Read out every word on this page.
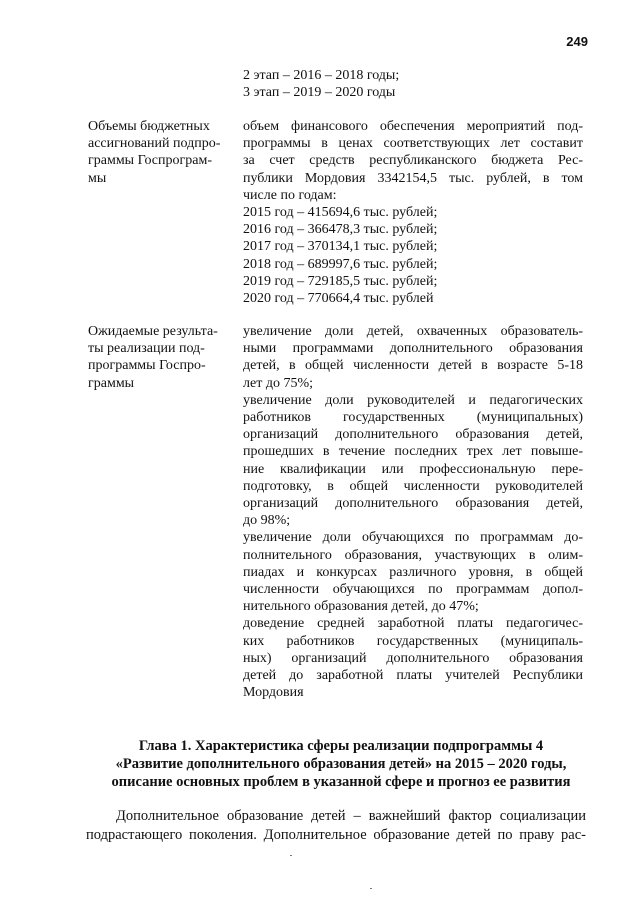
249
2 этап – 2016 – 2018 годы;
3 этап – 2019 – 2020 годы
Объемы бюджетных
ассигнований подпро-
граммы Госпрограм-
мы
объем финансового обеспечения мероприятий под-
программы в ценах соответствующих лет составит
за счет средств республиканского бюджета Рес-
публики Мордовия 3342154,5 тыс. рублей, в том
числе по годам:
2015 год – 415694,6 тыс. рублей;
2016 год – 366478,3 тыс. рублей;
2017 год – 370134,1 тыс. рублей;
2018 год – 689997,6 тыс. рублей;
2019 год – 729185,5 тыс. рублей;
2020 год – 770664,4 тыс. рублей
Ожидаемые результа-
ты реализации под-
программы Госпро-
граммы
увеличение доли детей, охваченных образователь-
ными программами дополнительного образования
детей, в общей численности детей в возрасте 5-18
лет до 75%;
увеличение доли руководителей и педагогических
работников государственных (муниципальных)
организаций дополнительного образования детей,
прошедших в течение последних трех лет повыше-
ние квалификации или профессиональную пере-
подготовку, в общей численности руководителей
организаций дополнительного образования детей,
до 98%;
увеличение доли обучающихся по программам до-
полнительного образования, участвующих в олим-
пиадах и конкурсах различного уровня, в общей
численности обучающихся по программам допол-
нительного образования детей, до 47%;
доведение средней заработной платы педагогичес-
ких работников государственных (муниципаль-
ных) организаций дополнительного образования
детей до заработной платы учителей Республики
Мордовия
Глава 1. Характеристика сферы реализации подпрограммы 4
«Развитие дополнительного образования детей» на 2015 – 2020 годы,
описание основных проблем в указанной сфере и прогноз ее развития
Дополнительное образование детей – важнейший фактор социализации
подрастающего поколения. Дополнительное образование детей по праву рас-
